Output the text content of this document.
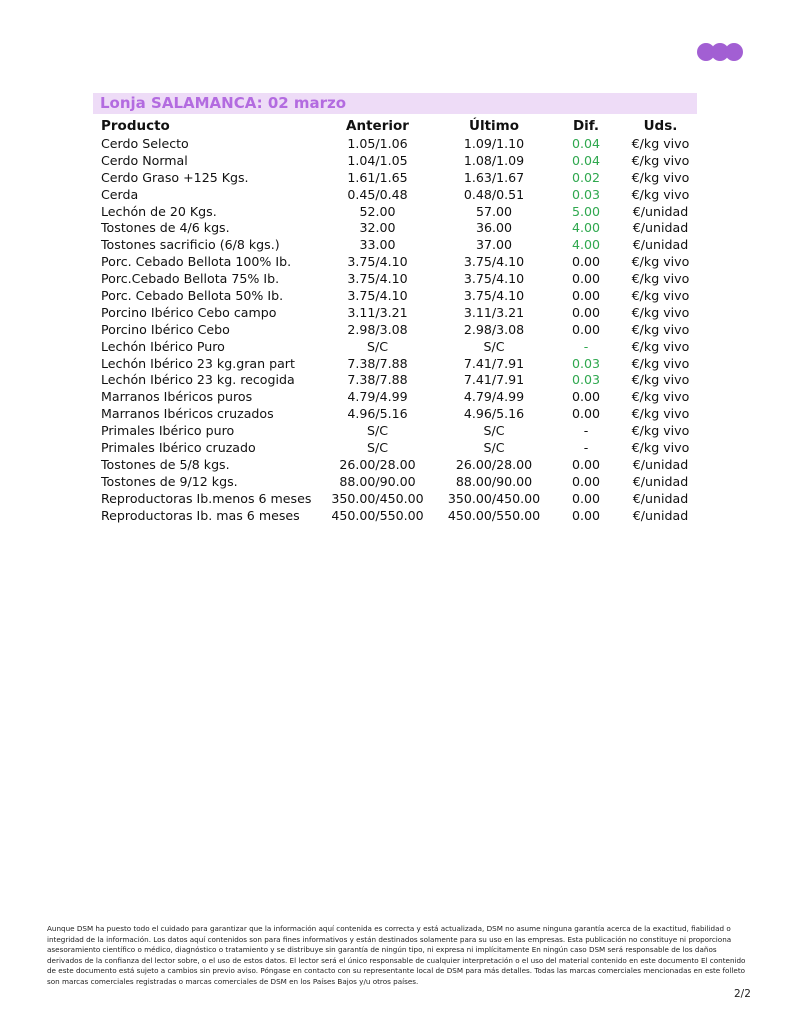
Lonja SALAMANCA: 02 marzo
Producto	Anterior	Último	Dif.	Uds.
Cerdo Selecto	1.05/1.06	1.09/1.10	0.04	€/kg vivo
Cerdo Normal	1.04/1.05	1.08/1.09	0.04	€/kg vivo
Cerdo Graso +125 Kgs.	1.61/1.65	1.63/1.67	0.02	€/kg vivo
Cerda	0.45/0.48	0.48/0.51	0.03	€/kg vivo
Lechón de 20 Kgs.	52.00	57.00	5.00	€/unidad
Tostones de 4/6 kgs.	32.00	36.00	4.00	€/unidad
Tostones sacrificio (6/8 kgs.)	33.00	37.00	4.00	€/unidad
Porc. Cebado Bellota 100% Ib.	3.75/4.10	3.75/4.10	0.00	€/kg vivo
Porc.Cebado Bellota 75% Ib.	3.75/4.10	3.75/4.10	0.00	€/kg vivo
Porc. Cebado Bellota 50% Ib.	3.75/4.10	3.75/4.10	0.00	€/kg vivo
Porcino Ibérico Cebo campo	3.11/3.21	3.11/3.21	0.00	€/kg vivo
Porcino Ibérico Cebo	2.98/3.08	2.98/3.08	0.00	€/kg vivo
Lechón Ibérico Puro	S/C	S/C	-	€/kg vivo
Lechón Ibérico 23 kg.gran part	7.38/7.88	7.41/7.91	0.03	€/kg vivo
Lechón Ibérico 23 kg. recogida	7.38/7.88	7.41/7.91	0.03	€/kg vivo
Marranos Ibéricos puros	4.79/4.99	4.79/4.99	0.00	€/kg vivo
Marranos Ibéricos cruzados	4.96/5.16	4.96/5.16	0.00	€/kg vivo
Primales Ibérico puro	S/C	S/C	-	€/kg vivo
Primales Ibérico cruzado	S/C	S/C	-	€/kg vivo
Tostones de 5/8 kgs.	26.00/28.00	26.00/28.00	0.00	€/unidad
Tostones de 9/12 kgs.	88.00/90.00	88.00/90.00	0.00	€/unidad
Reproductoras Ib.menos 6 meses	350.00/450.00	350.00/450.00	0.00	€/unidad
Reproductoras Ib. mas 6 meses	450.00/550.00	450.00/550.00	0.00	€/unidad
Aunque DSM ha puesto todo el cuidado para garantizar que la información aquí contenida es correcta y está actualizada, DSM no asume ninguna garantía acerca de la exactitud, fiabilidad o integridad de la información. Los datos aquí contenidos son para fines informativos y están destinados solamente para su uso en las empresas. Esta publicación no constituye ni proporciona asesoramiento científico o médico, diagnóstico o tratamiento y se distribuye sin garantía de ningún tipo, ni expresa ni implícitamente En ningún caso DSM será responsable de los daños derivados de la confianza del lector sobre, o el uso de estos datos. El lector será el único responsable de cualquier interpretación o el uso del material contenido en este documento El contenido de este documento está sujeto a cambios sin previo aviso. Póngase en contacto con su representante local de DSM para más detalles. Todas las marcas comerciales mencionadas en este folleto son marcas comerciales registradas o marcas comerciales de DSM en los Países Bajos y/u otros países.
2/2
